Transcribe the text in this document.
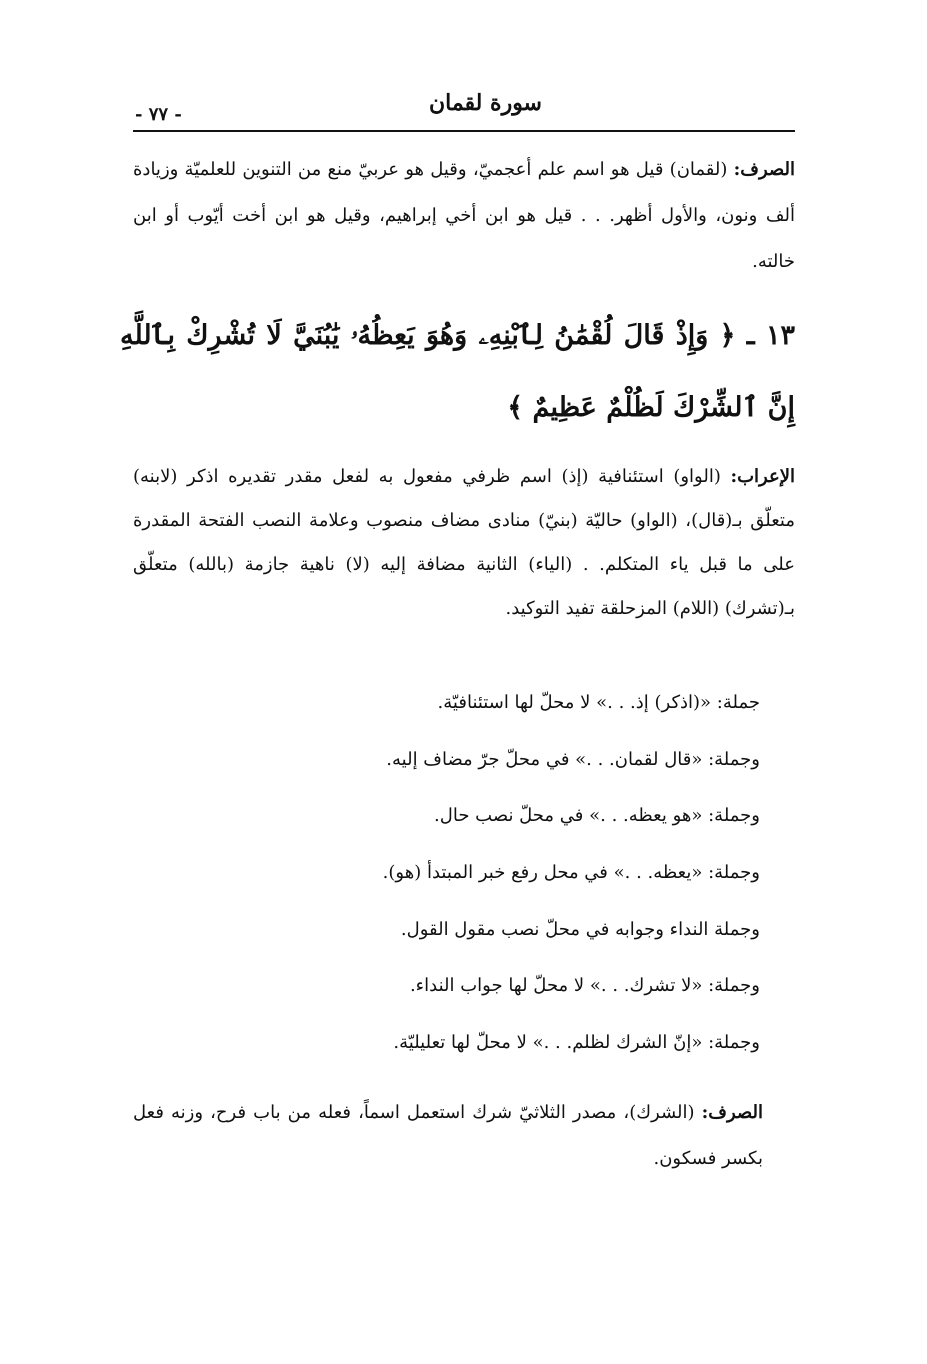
- ٧٧ -	سورة لقمان
الصرف: (لقمان) قيل هو اسم علم أعجميّ، وقيل هو عربيّ منع من التنوين للعلميّة وزيادة ألف ونون، والأول أظهر. . . قيل هو ابن أخي إبراهيم، وقيل هو ابن أخت أيّوب أو ابن خالته.
١٣ ـ ﴿ وَإِذْ قَالَ لُقْمَٰنُ لِٱبْنِهِۦ وَهُوَ يَعِظُهُۥ يَٰبُنَيَّ لَا تُشْرِكْ بِٱللَّهِ إِنَّ ٱلشِّرْكَ لَظُلْمٌ عَظِيمٌ ﴾
الإعراب: (الواو) استئنافية (إذ) اسم ظرفي مفعول به لفعل مقدر تقديره اذكر (لابنه) متعلّق بـ(قال)، (الواو) حاليّة (بنيّ) منادى مضاف منصوب وعلامة النصب الفتحة المقدرة على ما قبل ياء المتكلم. . (الياء) الثانية مضافة إليه (لا) ناهية جازمة (بالله) متعلّق بـ(تشرك) (اللام) المزحلقة تفيد التوكيد.
جملة: «(اذكر) إذ. . .» لا محلّ لها استئنافيّة.
وجملة: «قال لقمان. . .» في محلّ جرّ مضاف إليه.
وجملة: «هو يعظه. . .» في محلّ نصب حال.
وجملة: «يعظه. . .» في محل رفع خبر المبتدأ (هو).
وجملة النداء وجوابه في محلّ نصب مقول القول.
وجملة: «لا تشرك. . .» لا محلّ لها جواب النداء.
وجملة: «إنّ الشرك لظلم. . .» لا محلّ لها تعليليّة.
الصرف: (الشرك)، مصدر الثلاثيّ شرك استعمل اسماً، فعله من باب فرح، وزنه فعل بكسر فسكون.
